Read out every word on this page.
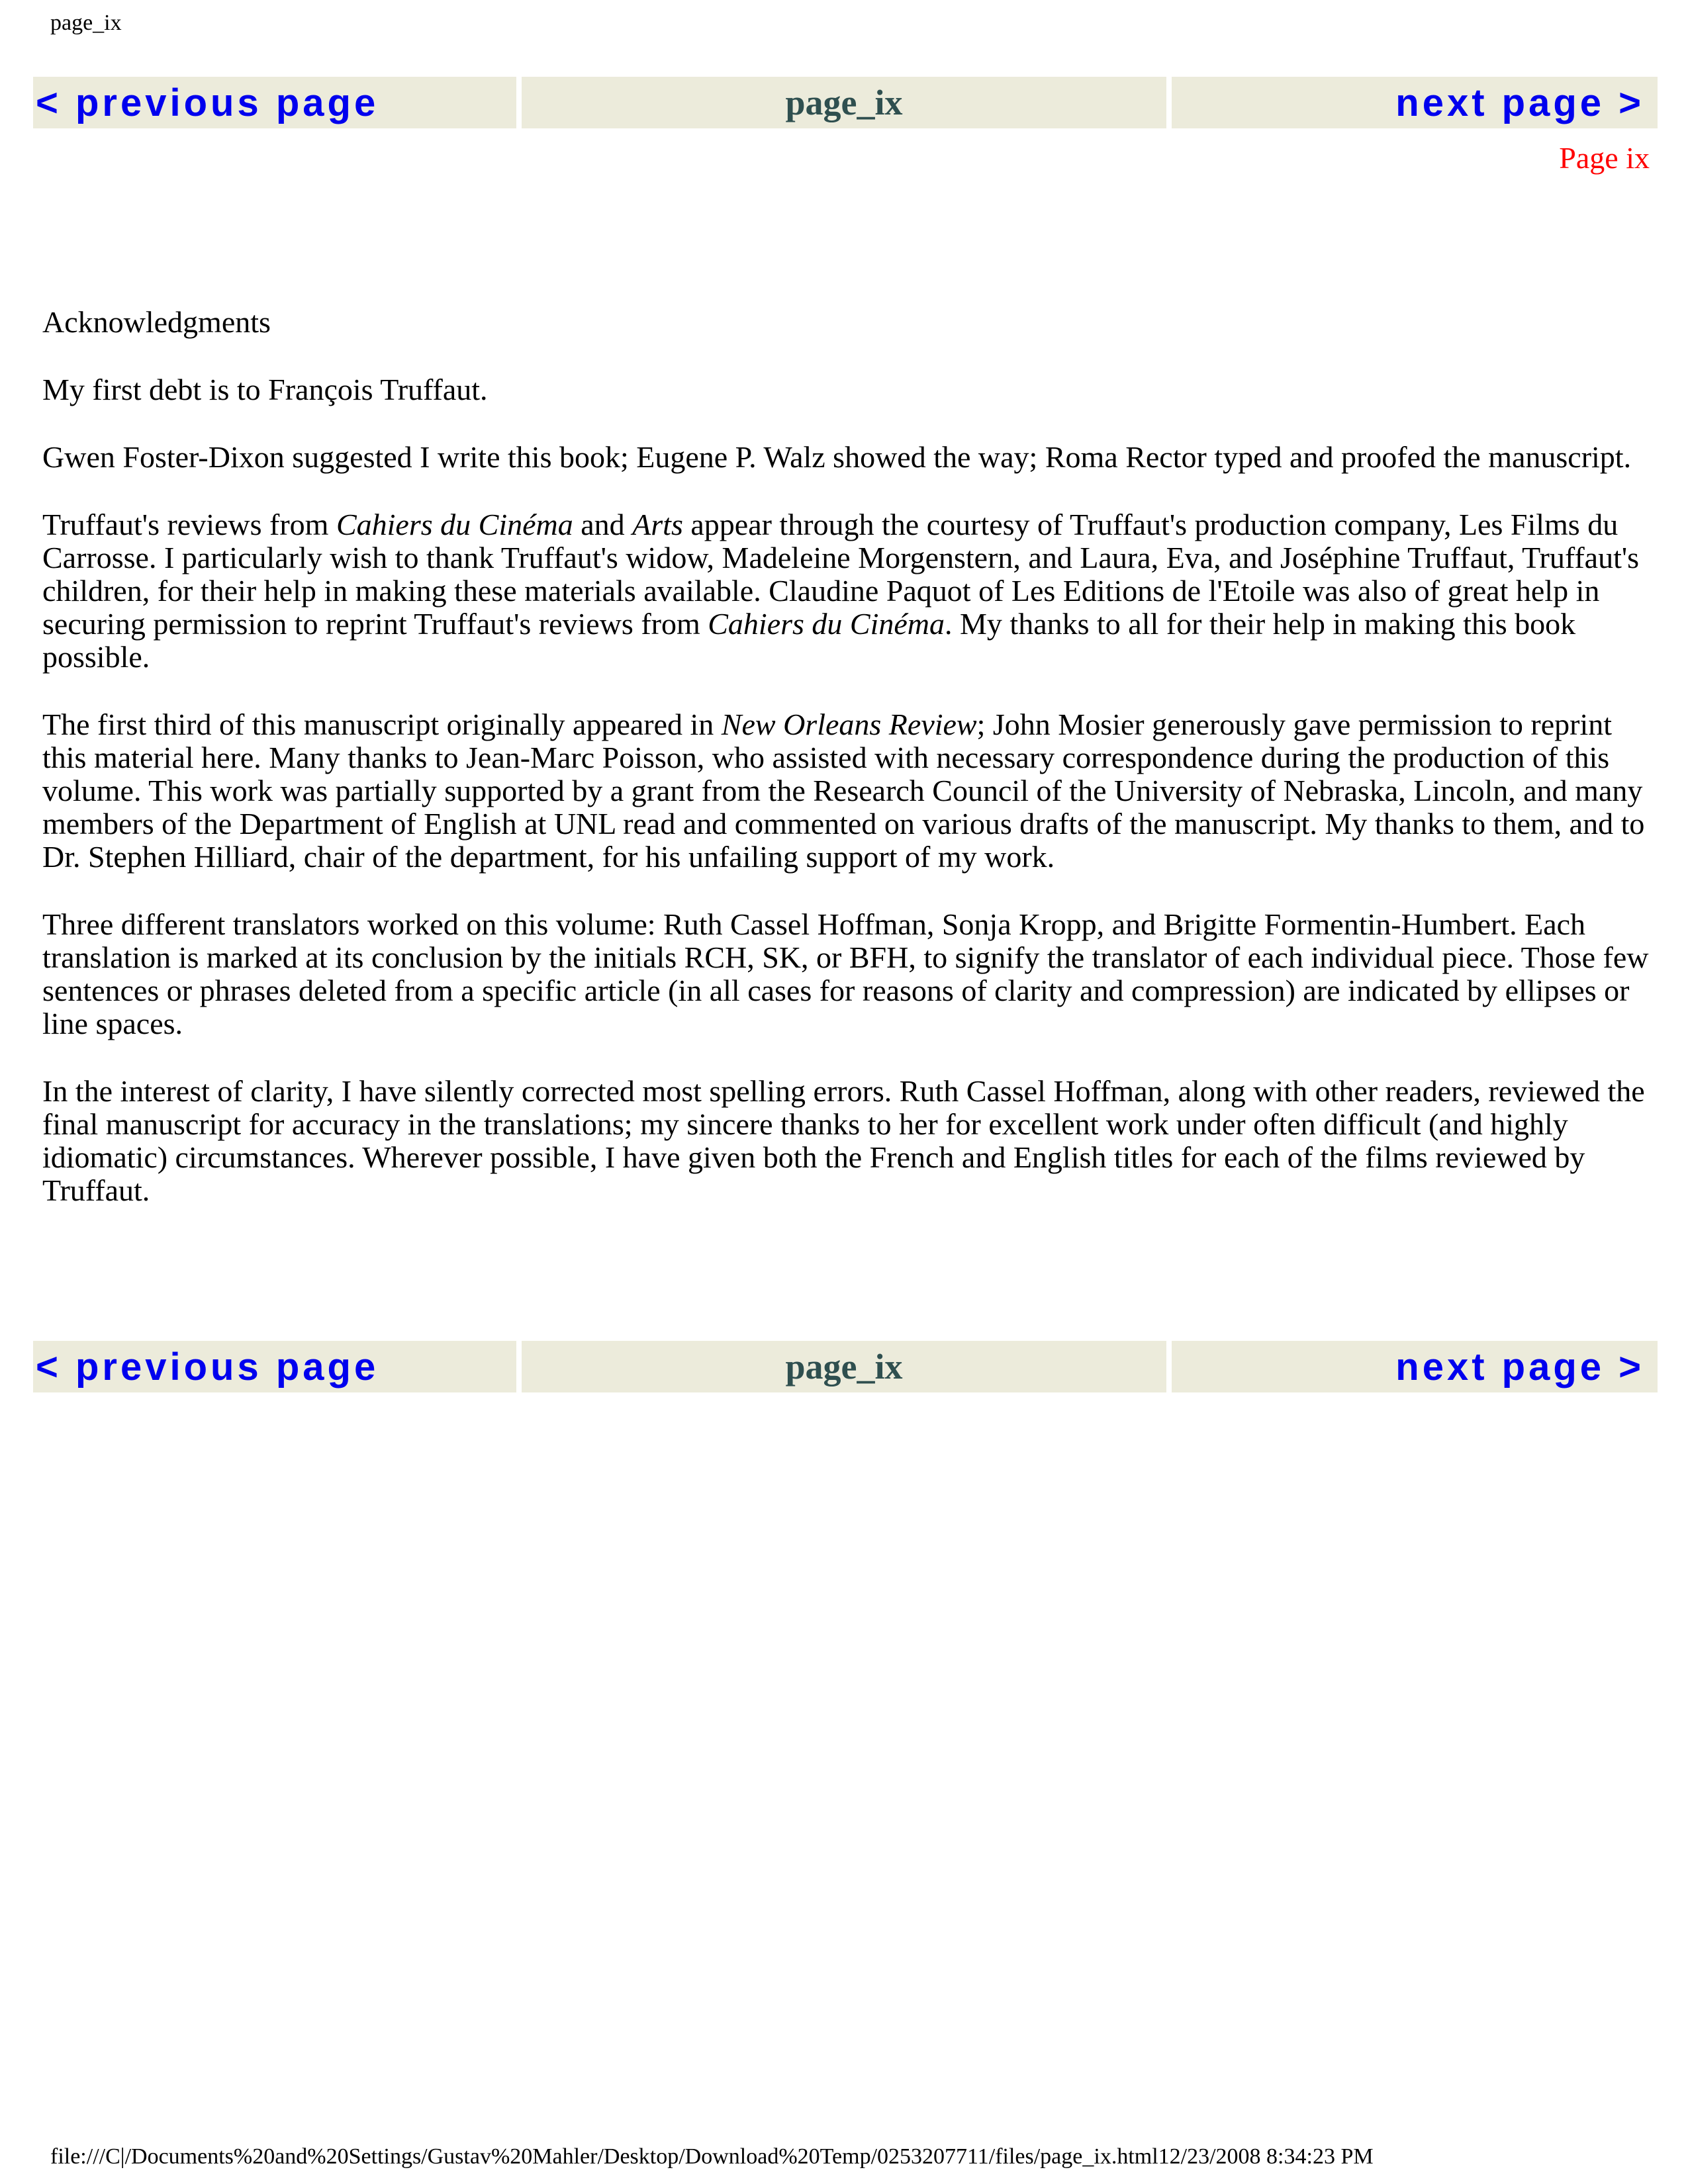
page_ix
< previous page	page_ix	next page >
Page ix

Acknowledgments

My first debt is to François Truffaut.

Gwen Foster-Dixon suggested I write this book; Eugene P. Walz showed the way; Roma Rector typed and proofed the manuscript.

Truffaut's reviews from Cahiers du Cinéma and Arts appear through the courtesy of Truffaut's production company, Les Films du Carrosse. I particularly wish to thank Truffaut's widow, Madeleine Morgenstern, and Laura, Eva, and Joséphine Truffaut, Truffaut's children, for their help in making these materials available. Claudine Paquot of Les Editions de l'Etoile was also of great help in securing permission to reprint Truffaut's reviews from Cahiers du Cinéma. My thanks to all for their help in making this book possible.

The first third of this manuscript originally appeared in New Orleans Review; John Mosier generously gave permission to reprint this material here. Many thanks to Jean-Marc Poisson, who assisted with necessary correspondence during the production of this volume. This work was partially supported by a grant from the Research Council of the University of Nebraska, Lincoln, and many members of the Department of English at UNL read and commented on various drafts of the manuscript. My thanks to them, and to Dr. Stephen Hilliard, chair of the department, for his unfailing support of my work.

Three different translators worked on this volume: Ruth Cassel Hoffman, Sonja Kropp, and Brigitte Formentin-Humbert. Each translation is marked at its conclusion by the initials RCH, SK, or BFH, to signify the translator of each individual piece. Those few sentences or phrases deleted from a specific article (in all cases for reasons of clarity and compression) are indicated by ellipses or line spaces.

In the interest of clarity, I have silently corrected most spelling errors. Ruth Cassel Hoffman, along with other readers, reviewed the final manuscript for accuracy in the translations; my sincere thanks to her for excellent work under often difficult (and highly idiomatic) circumstances. Wherever possible, I have given both the French and English titles for each of the films reviewed by Truffaut.

< previous page	page_ix	next page >
file:///C|/Documents%20and%20Settings/Gustav%20Mahler/Desktop/Download%20Temp/0253207711/files/page_ix.html12/23/2008 8:34:23 PM
